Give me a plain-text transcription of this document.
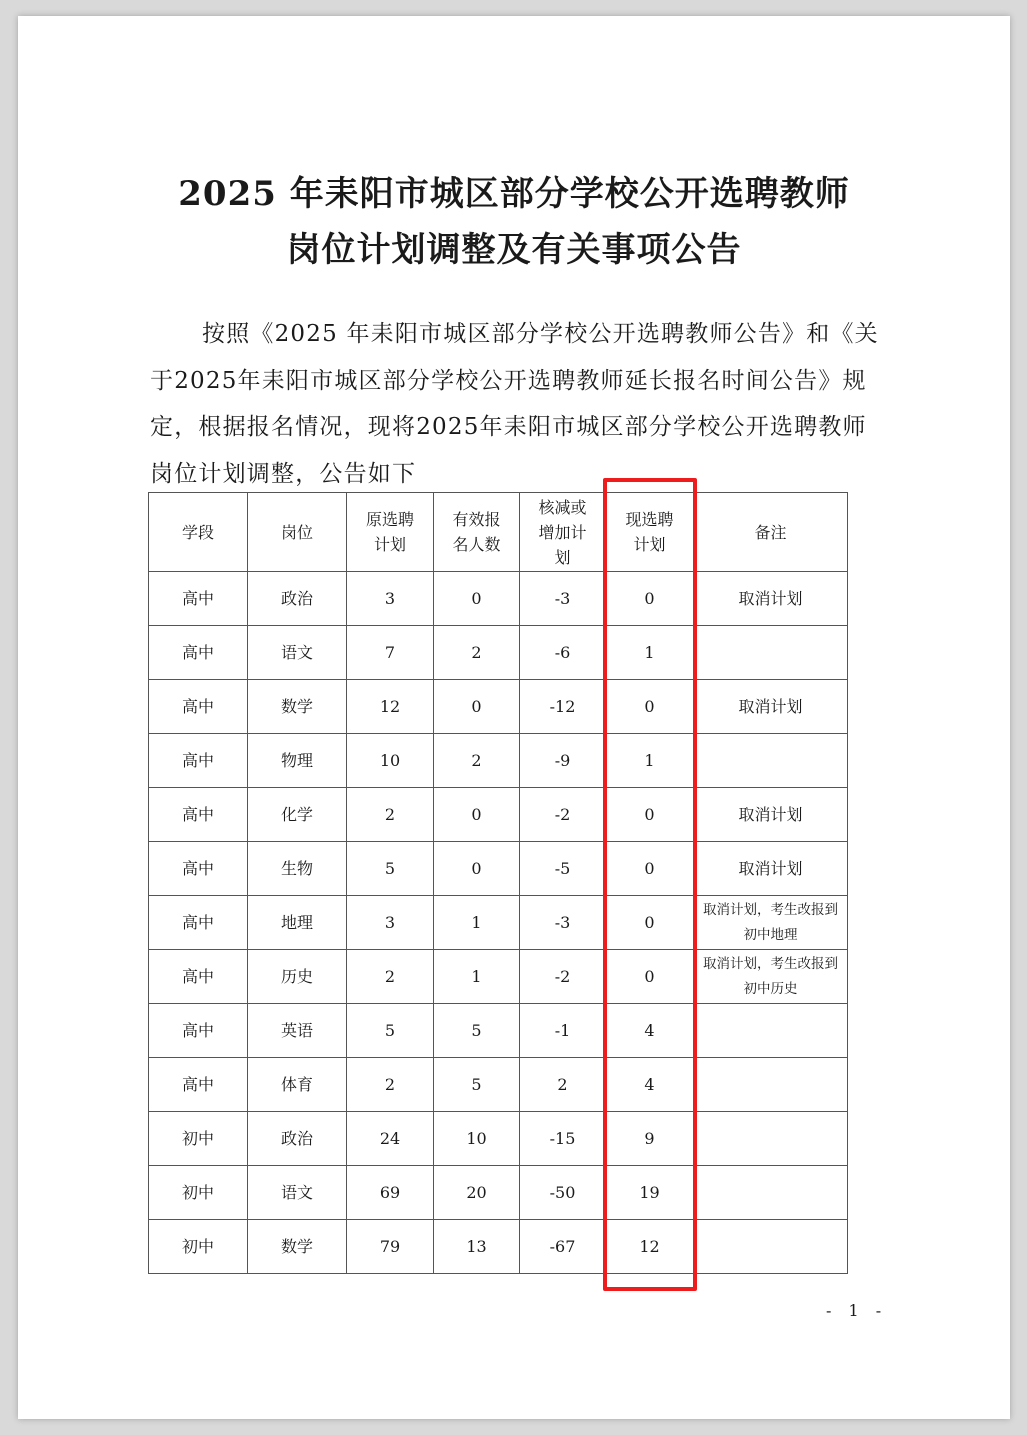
2025 年耒阳市城区部分学校公开选聘教师
岗位计划调整及有关事项公告
按照《2025 年耒阳市城区部分学校公开选聘教师公告》和《关于2025年耒阳市城区部分学校公开选聘教师延长报名时间公告》规定，根据报名情况，现将2025年耒阳市城区部分学校公开选聘教师岗位计划调整，公告如下
学段	岗位	原选聘计划	有效报名人数	核减或增加计划	现选聘计划	备注
高中	政治	3	0	-3	0	取消计划
高中	语文	7	2	-6	1	
高中	数学	12	0	-12	0	取消计划
高中	物理	10	2	-9	1	
高中	化学	2	0	-2	0	取消计划
高中	生物	5	0	-5	0	取消计划
高中	地理	3	1	-3	0	取消计划，考生改报到初中地理
高中	历史	2	1	-2	0	取消计划，考生改报到初中历史
高中	英语	5	5	-1	4	
高中	体育	2	5	2	4	
初中	政治	24	10	-15	9	
初中	语文	69	20	-50	19	
初中	数学	79	13	-67	12	
- 1 -
